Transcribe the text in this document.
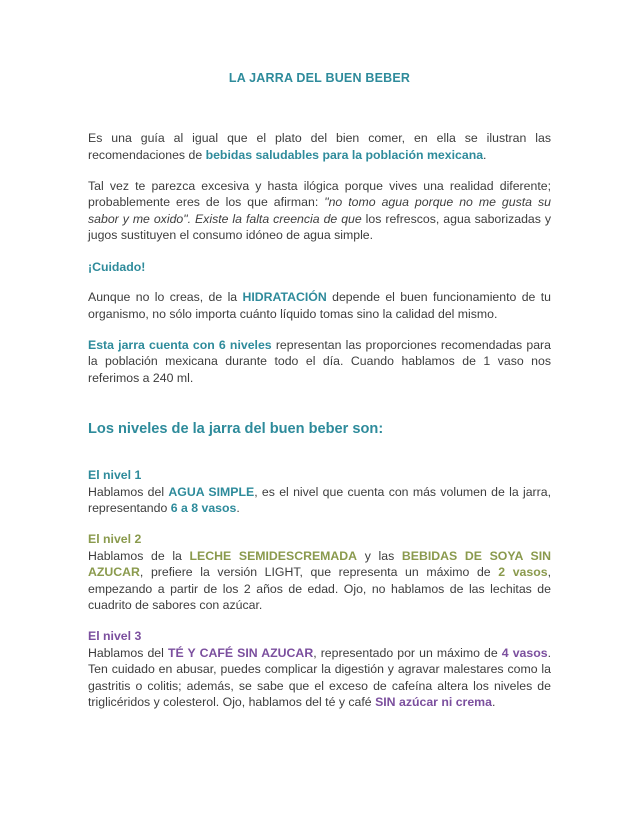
LA JARRA DEL BUEN BEBER

Es una guía al igual que el plato del bien comer, en ella se ilustran las recomendaciones de bebidas saludables para la población mexicana.

Tal vez te parezca excesiva y hasta ilógica porque vives una realidad diferente; probablemente eres de los que afirman: "no tomo agua porque no me gusta su sabor y me oxido". Existe la falta creencia de que los refrescos, agua saborizadas y jugos sustituyen el consumo idóneo de agua simple.

¡Cuidado!

Aunque no lo creas, de la HIDRATACIÓN depende el buen funcionamiento de tu organismo, no sólo importa cuánto líquido tomas sino la calidad del mismo.

Esta jarra cuenta con 6 niveles representan las proporciones recomendadas para la población mexicana durante todo el día. Cuando hablamos de 1 vaso nos referimos a 240 ml.

Los niveles de la jarra del buen beber son:

El nivel 1

Hablamos del AGUA SIMPLE, es el nivel que cuenta con más volumen de la jarra, representando 6 a 8 vasos.

El nivel 2

Hablamos de la LECHE SEMIDESCREMADA y las BEBIDAS DE SOYA SIN AZUCAR, prefiere la versión LIGHT, que representa un máximo de 2 vasos, empezando a partir de los 2 años de edad. Ojo, no hablamos de las lechitas de cuadrito de sabores con azúcar.

El nivel 3

Hablamos del TÉ Y CAFÉ SIN AZUCAR, representado por un máximo de 4 vasos. Ten cuidado en abusar, puedes complicar la digestión y agravar malestares como la gastritis o colitis; además, se sabe que el exceso de cafeína altera los niveles de triglicéridos y colesterol. Ojo, hablamos del té y café SIN azúcar ni crema.
